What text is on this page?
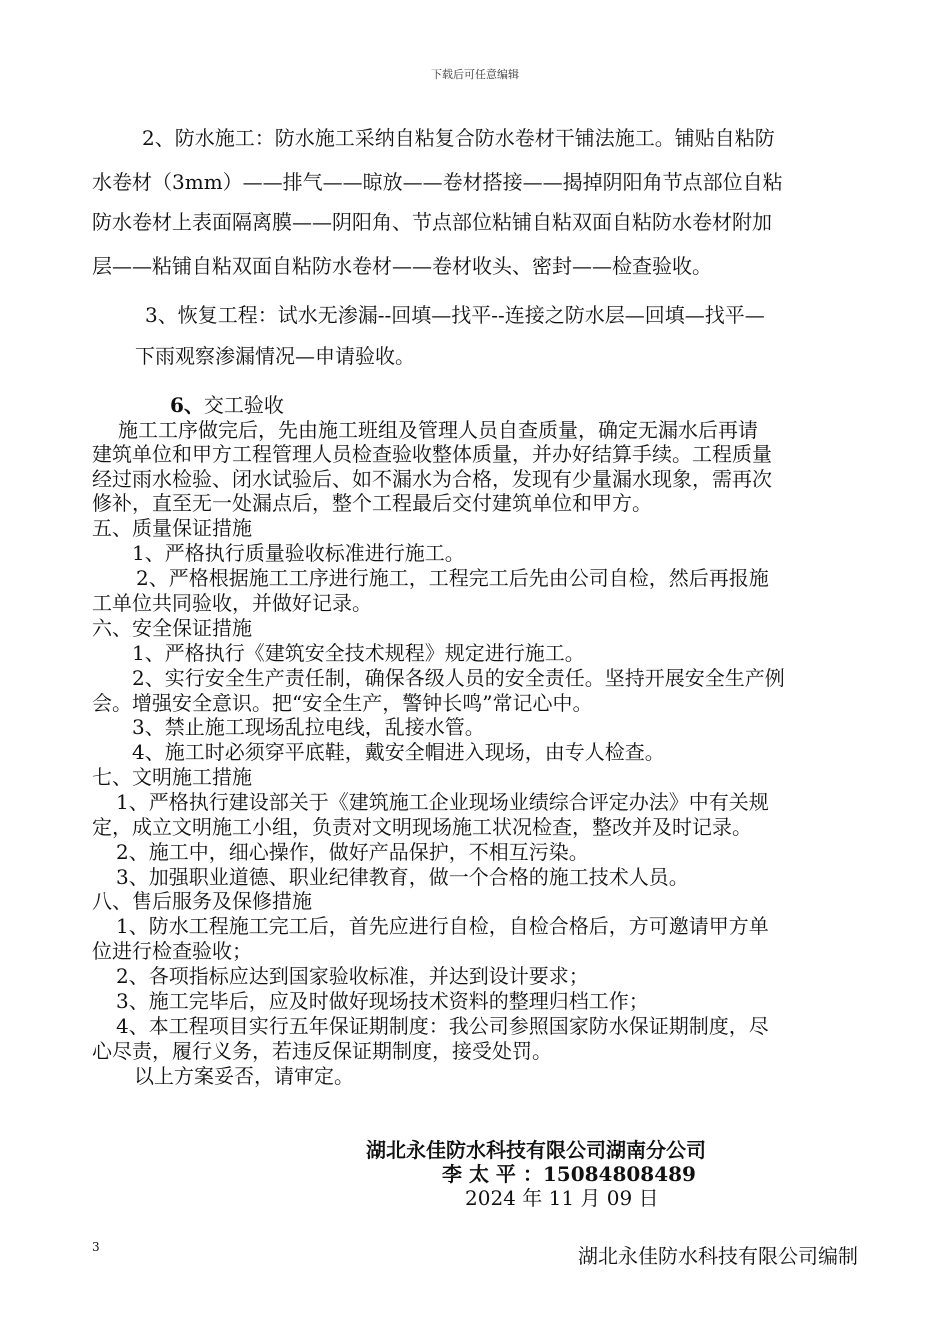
下载后可任意编辑
2、防水施工：防水施工采纳自粘复合防水卷材干铺法施工。铺贴自粘防
水卷材（3mm）——排气——晾放——卷材搭接——揭掉阴阳角节点部位自粘
防水卷材上表面隔离膜——阴阳角、节点部位粘铺自粘双面自粘防水卷材附加
层——粘铺自粘双面自粘防水卷材——卷材收头、密封——检查验收。
3、恢复工程：试水无渗漏--回填—找平--连接之防水层—回填—找平—
下雨观察渗漏情况—申请验收。
6、交工验收
施工工序做完后，先由施工班组及管理人员自查质量，确定无漏水后再请
建筑单位和甲方工程管理人员检查验收整体质量，并办好结算手续。工程质量
经过雨水检验、闭水试验后、如不漏水为合格，发现有少量漏水现象，需再次
修补，直至无一处漏点后，整个工程最后交付建筑单位和甲方。
五、质量保证措施
1、严格执行质量验收标准进行施工。
2、严格根据施工工序进行施工，工程完工后先由公司自检，然后再报施
工单位共同验收，并做好记录。
六、安全保证措施
1、严格执行《建筑安全技术规程》规定进行施工。
2、实行安全生产责任制，确保各级人员的安全责任。坚持开展安全生产例
会。增强安全意识。把“安全生产，警钟长鸣”常记心中。
3、禁止施工现场乱拉电线，乱接水管。
4、施工时必须穿平底鞋，戴安全帽进入现场，由专人检查。
七、文明施工措施
1、严格执行建设部关于《建筑施工企业现场业绩综合评定办法》中有关规
定，成立文明施工小组，负责对文明现场施工状况检查，整改并及时记录。
2、施工中，细心操作，做好产品保护，不相互污染。
3、加强职业道德、职业纪律教育，做一个合格的施工技术人员。
八、售后服务及保修措施
1、防水工程施工完工后，首先应进行自检，自检合格后，方可邀请甲方单
位进行检查验收；
2、各项指标应达到国家验收标准，并达到设计要求；
3、施工完毕后，应及时做好现场技术资料的整理归档工作；
4、本工程项目实行五年保证期制度：我公司参照国家防水保证期制度，尽
心尽责，履行义务，若违反保证期制度，接受处罚。
以上方案妥否，请审定。
湖北永佳防水科技有限公司湖南分公司
李 太 平 ：15084808489
2024 年 11 月 09 日
3	湖北永佳防水科技有限公司编制
